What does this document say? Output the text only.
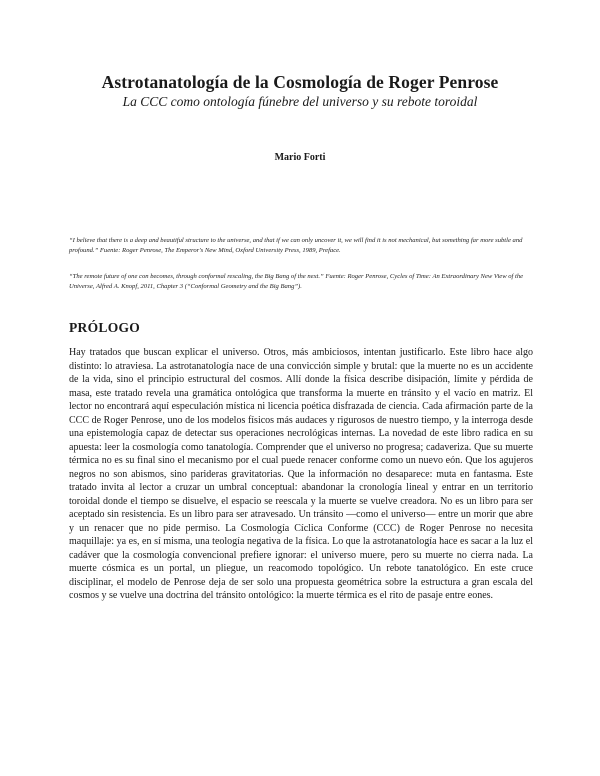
Astrotanatología de la Cosmología de Roger Penrose
La CCC como ontología fúnebre del universo y su rebote toroidal
Mario Forti
“I believe that there is a deep and beautiful structure to the universe, and that if we can only uncover it, we will find it is not mechanical, but something far more subtle and profound.” Fuente: Roger Penrose, The Emperor's New Mind, Oxford University Press, 1989, Preface.
“The remote future of one con becomes, through conformal rescaling, the Big Bang of the next.” Fuente: Roger Penrose, Cycles of Time: An Extraordinary New View of the Universe, Alfred A. Knopf, 2011, Chapter 3 (“Conformal Geometry and the Big Bang”).
PRÓLOGO
Hay tratados que buscan explicar el universo. Otros, más ambiciosos, intentan justificarlo. Este libro hace algo distinto: lo atraviesa. La astrotanatología nace de una convicción simple y brutal: que la muerte no es un accidente de la vida, sino el principio estructural del cosmos. Allí donde la física describe disipación, límite y pérdida de masa, este tratado revela una gramática ontológica que transforma la muerte en tránsito y el vacío en matriz. El lector no encontrará aquí especulación mística ni licencia poética disfrazada de ciencia. Cada afirmación parte de la CCC de Roger Penrose, uno de los modelos físicos más audaces y rigurosos de nuestro tiempo, y la interroga desde una epistemología capaz de detectar sus operaciones necrológicas internas. La novedad de este libro radica en su apuesta: leer la cosmología como tanatología. Comprender que el universo no progresa; cadaveriza. Que su muerte térmica no es su final sino el mecanismo por el cual puede renacer conforme como un nuevo eón. Que los agujeros negros no son abismos, sino parideras gravitatorias. Que la información no desaparece: muta en fantasma. Este tratado invita al lector a cruzar un umbral conceptual: abandonar la cronología lineal y entrar en un territorio toroidal donde el tiempo se disuelve, el espacio se reescala y la muerte se vuelve creadora. No es un libro para ser aceptado sin resistencia. Es un libro para ser atravesado. Un tránsito —como el universo— entre un morir que abre y un renacer que no pide permiso. La Cosmología Cíclica Conforme (CCC) de Roger Penrose no necesita maquillaje: ya es, en sí misma, una teología negativa de la física. Lo que la astrotanatología hace es sacar a la luz el cadáver que la cosmología convencional prefiere ignorar: el universo muere, pero su muerte no cierra nada. La muerte cósmica es un portal, un pliegue, un reacomodo topológico. Un rebote tanatológico. En este cruce disciplinar, el modelo de Penrose deja de ser solo una propuesta geométrica sobre la estructura a gran escala del cosmos y se vuelve una doctrina del tránsito ontológico: la muerte térmica es el rito de pasaje entre eones.
